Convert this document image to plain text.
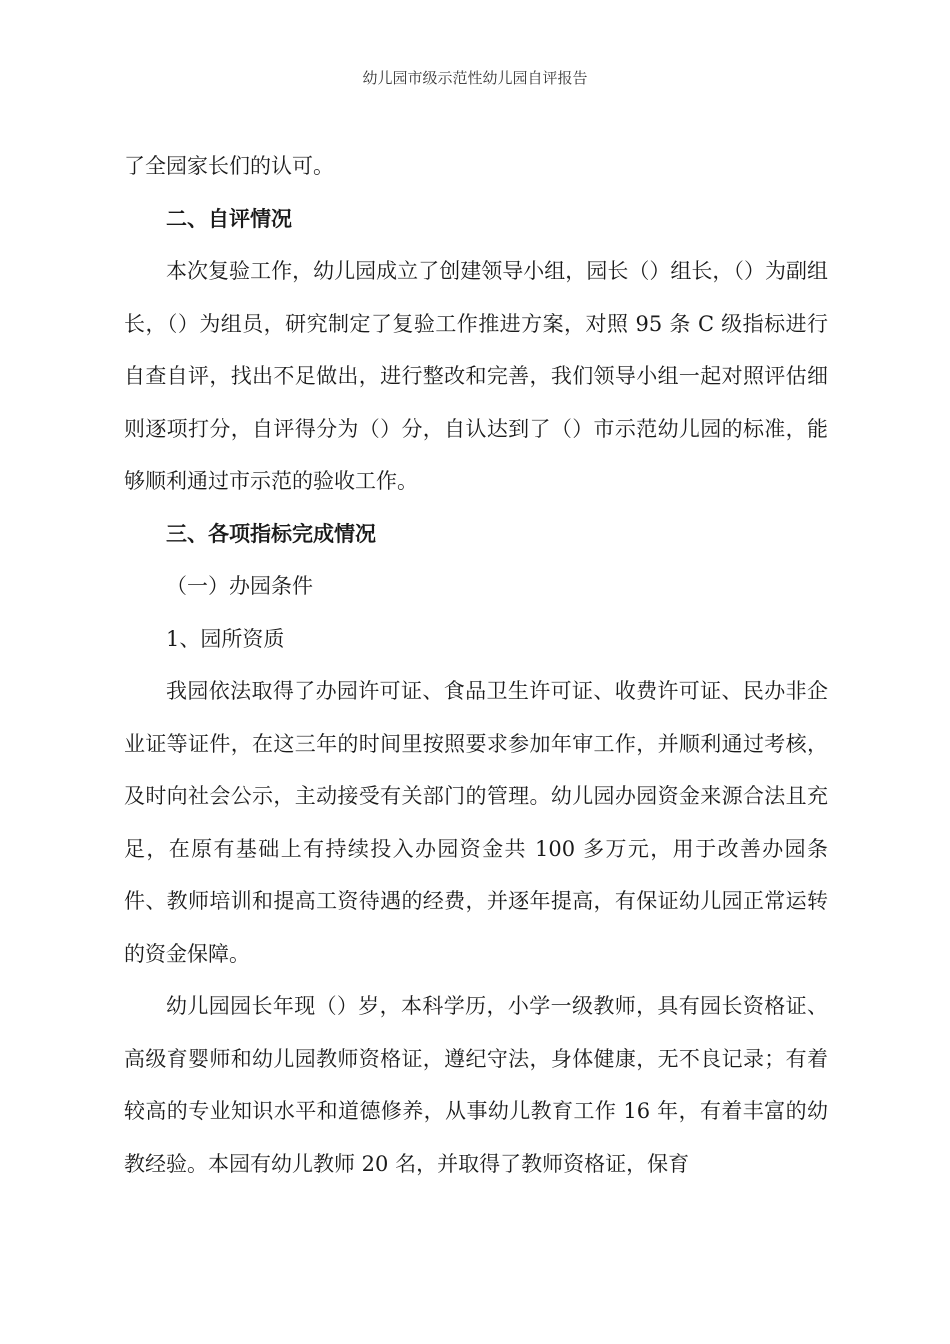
幼儿园市级示范性幼儿园自评报告

了全园家长们的认可。

二、自评情况

本次复验工作，幼儿园成立了创建领导小组，园长（）组长，（）为副组长，（）为组员，研究制定了复验工作推进方案，对照 95 条 C 级指标进行自查自评，找出不足做出，进行整改和完善，我们领导小组一起对照评估细则逐项打分，自评得分为（）分，自认达到了（）市示范幼儿园的标准，能够顺利通过市示范的验收工作。

三、各项指标完成情况

（一）办园条件

1、园所资质

我园依法取得了办园许可证、食品卫生许可证、收费许可证、民办非企业证等证件，在这三年的时间里按照要求参加年审工作，并顺利通过考核，及时向社会公示，主动接受有关部门的管理。幼儿园办园资金来源合法且充足，在原有基础上有持续投入办园资金共 100 多万元，用于改善办园条件、教师培训和提高工资待遇的经费，并逐年提高，有保证幼儿园正常运转的资金保障。

幼儿园园长年现（）岁，本科学历，小学一级教师，具有园长资格证、高级育婴师和幼儿园教师资格证，遵纪守法，身体健康，无不良记录；有着较高的专业知识水平和道德修养，从事幼儿教育工作 16 年，有着丰富的幼教经验。本园有幼儿教师 20 名，并取得了教师资格证，保育
